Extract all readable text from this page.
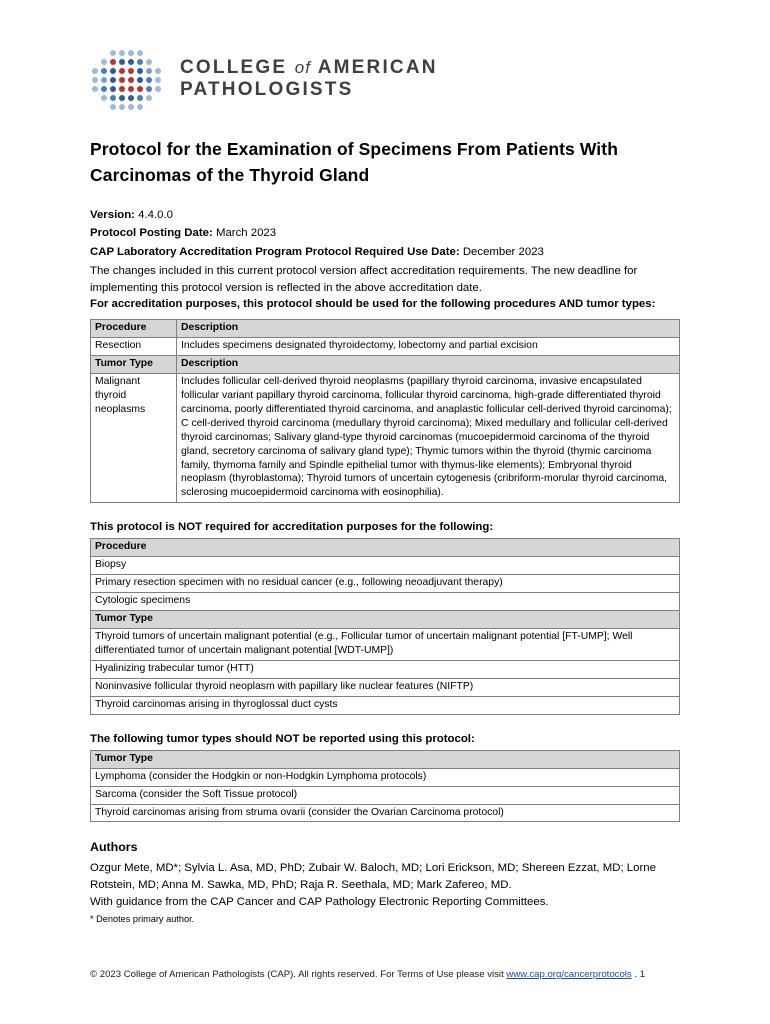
COLLEGE of AMERICAN
PATHOLOGISTS
Protocol for the Examination of Specimens From Patients With Carcinomas of the Thyroid Gland
Version: 4.4.0.0
Protocol Posting Date: March 2023
CAP Laboratory Accreditation Program Protocol Required Use Date: December 2023

The changes included in this current protocol version affect accreditation requirements. The new deadline for implementing this protocol version is reflected in the above accreditation date.

For accreditation purposes, this protocol should be used for the following procedures AND tumor types:

Procedure	Description
Resection	Includes specimens designated thyroidectomy, lobectomy and partial excision
Tumor Type	Description
Malignant thyroid neoplasms	Includes follicular cell-derived thyroid neoplasms (papillary thyroid carcinoma, invasive encapsulated follicular variant papillary thyroid carcinoma, follicular thyroid carcinoma, high-grade differentiated thyroid carcinoma, poorly differentiated thyroid carcinoma, and anaplastic follicular cell-derived thyroid carcinoma); C cell-derived thyroid carcinoma (medullary thyroid carcinoma); Mixed medullary and follicular cell-derived thyroid carcinomas; Salivary gland-type thyroid carcinomas (mucoepidermoid carcinoma of the thyroid gland, secretory carcinoma of salivary gland type); Thymic tumors within the thyroid (thymic carcinoma family, thymoma family and Spindle epithelial tumor with thymus-like elements); Embryonal thyroid neoplasm (thyroblastoma); Thyroid tumors of uncertain cytogenesis (cribriform-morular thyroid carcinoma, sclerosing mucoepidermoid carcinoma with eosinophilia).
This protocol is NOT required for accreditation purposes for the following:
Procedure
Biopsy
Primary resection specimen with no residual cancer (e.g., following neoadjuvant therapy)
Cytologic specimens
Tumor Type
Thyroid tumors of uncertain malignant potential (e.g., Follicular tumor of uncertain malignant potential [FT-UMP]; Well differentiated tumor of uncertain malignant potential [WDT-UMP])
Hyalinizing trabecular tumor (HTT)
Noninvasive follicular thyroid neoplasm with papillary like nuclear features (NIFTP)
Thyroid carcinomas arising in thyroglossal duct cysts
The following tumor types should NOT be reported using this protocol:
Tumor Type
Lymphoma (consider the Hodgkin or non-Hodgkin Lymphoma protocols)
Sarcoma (consider the Soft Tissue protocol)
Thyroid carcinomas arising from struma ovarii (consider the Ovarian Carcinoma protocol)
Authors
Ozgur Mete, MD*; Sylvia L. Asa, MD, PhD; Zubair W. Baloch, MD; Lori Erickson, MD; Shereen Ezzat, MD; Lorne Rotstein, MD; Anna M. Sawka, MD, PhD; Raja R. Seethala, MD; Mark Zafereo, MD.
With guidance from the CAP Cancer and CAP Pathology Electronic Reporting Committees.
* Denotes primary author.
© 2023 College of American Pathologists (CAP). All rights reserved. For Terms of Use please visit www.cap.org/cancerprotocols . 1
